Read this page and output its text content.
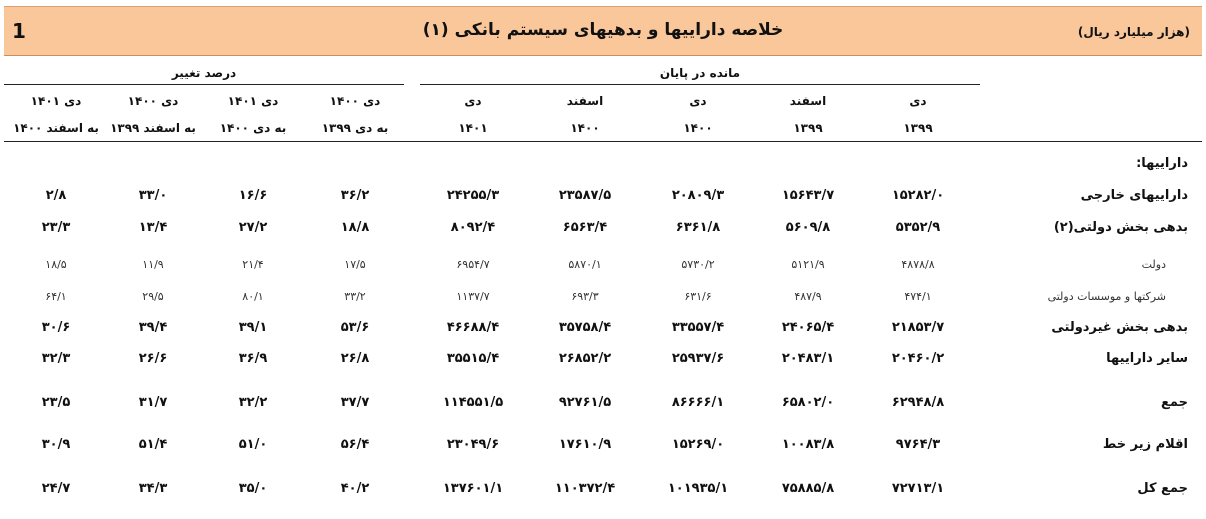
1	خلاصه داراییها و بدهیهای سیستم بانکی (۱)	(هزار میلیارد ریال)
مانده در پایان
درصد تغییر
دی
۱۳۹۹
اسفند
۱۳۹۹
دی
۱۴۰۰
اسفند
۱۴۰۰
دی
۱۴۰۱
دی ۱۴۰۰
به دی ۱۳۹۹
دی ۱۴۰۱
به دی ۱۴۰۰
دی ۱۴۰۰
به اسفند ۱۳۹۹
دی ۱۴۰۱
به اسفند ۱۴۰۰
داراییها:
داراییهای خارجی
۱۵۲۸۲/۰
۱۵۶۴۳/۷
۲۰۸۰۹/۳
۲۳۵۸۷/۵
۲۴۲۵۵/۳
۳۶/۲
۱۶/۶
۳۳/۰
۲/۸
بدهی بخش دولتی(۲)
۵۳۵۲/۹
۵۶۰۹/۸
۶۳۶۱/۸
۶۵۶۳/۴
۸۰۹۲/۴
۱۸/۸
۲۷/۲
۱۳/۴
۲۳/۳
دولت
۴۸۷۸/۸
۵۱۲۱/۹
۵۷۳۰/۲
۵۸۷۰/۱
۶۹۵۴/۷
۱۷/۵
۲۱/۴
۱۱/۹
۱۸/۵
شرکتها و موسسات دولتی
۴۷۴/۱
۴۸۷/۹
۶۳۱/۶
۶۹۳/۳
۱۱۳۷/۷
۳۳/۲
۸۰/۱
۲۹/۵
۶۴/۱
بدهی بخش غیردولتی
۲۱۸۵۳/۷
۲۴۰۶۵/۴
۳۳۵۵۷/۴
۳۵۷۵۸/۴
۴۶۶۸۸/۴
۵۳/۶
۳۹/۱
۳۹/۴
۳۰/۶
سایر داراییها
۲۰۴۶۰/۲
۲۰۴۸۳/۱
۲۵۹۳۷/۶
۲۶۸۵۲/۲
۳۵۵۱۵/۴
۲۶/۸
۳۶/۹
۲۶/۶
۳۲/۳
جمع
۶۲۹۴۸/۸
۶۵۸۰۲/۰
۸۶۶۶۶/۱
۹۲۷۶۱/۵
۱۱۴۵۵۱/۵
۳۷/۷
۳۲/۲
۳۱/۷
۲۳/۵
اقلام زیر خط
۹۷۶۴/۳
۱۰۰۸۳/۸
۱۵۲۶۹/۰
۱۷۶۱۰/۹
۲۳۰۴۹/۶
۵۶/۴
۵۱/۰
۵۱/۴
۳۰/۹
جمع کل
۷۲۷۱۳/۱
۷۵۸۸۵/۸
۱۰۱۹۳۵/۱
۱۱۰۳۷۲/۴
۱۳۷۶۰۱/۱
۴۰/۲
۳۵/۰
۳۴/۳
۲۴/۷
